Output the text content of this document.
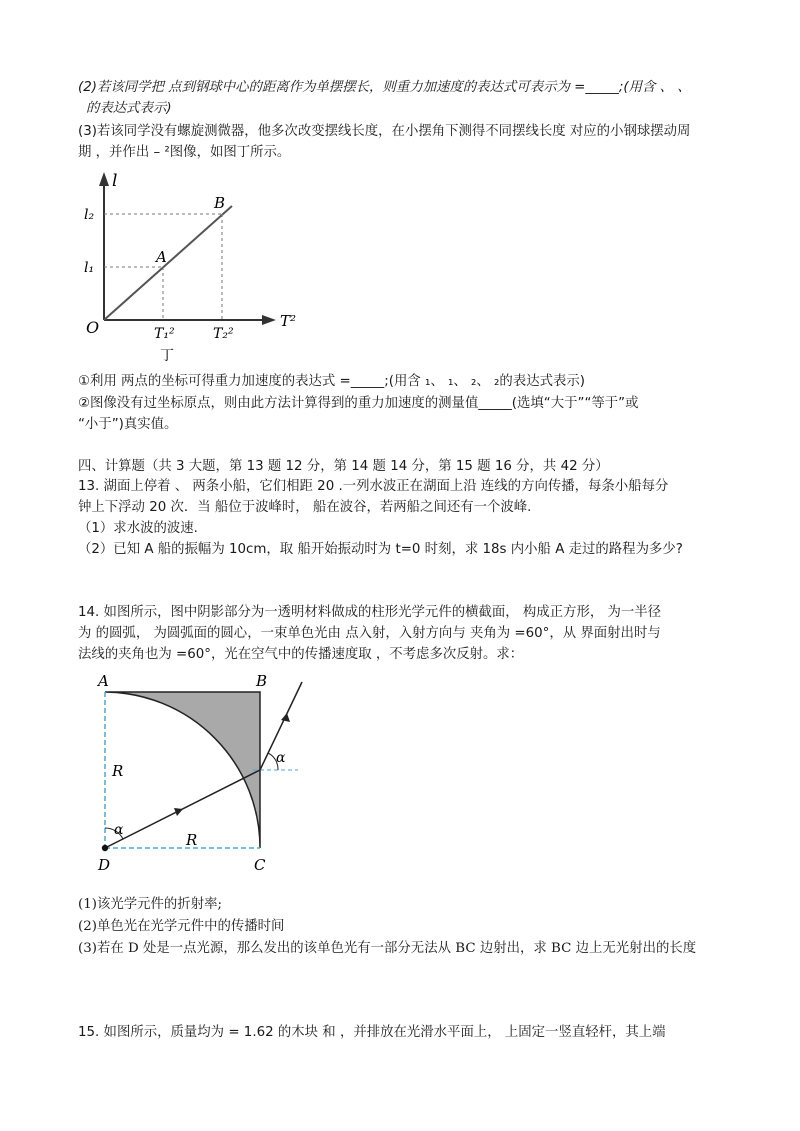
(2)若该同学把 点到钢球中心的距离作为单摆摆长，则重力加速度的表达式可表示为 =_____;(用含 、 、
的表达式表示)
(3)若该同学没有螺旋测微器，他多次改变摆线长度，在小摆角下测得不同摆线长度 对应的小钢球摆动周
期 ，并作出 – ²图像，如图丁所示。
l
T²
O
A
B
l₁
l₂
T₁²	T₂²
丁
①利用 两点的坐标可得重力加速度的表达式 =_____;(用含 ₁、 ₁、 ₂、 ₂的表达式表示)
②图像没有过坐标原点，则由此方法计算得到的重力加速度的测量值_____(选填“大于”“等于”或
“小于”)真实值。
四、计算题（共 3 大题，第 13 题 12 分，第 14 题 14 分，第 15 题 16 分，共 42 分）
13. 湖面上停着 、 两条小船，它们相距 20 .一列水波正在湖面上沿 连线的方向传播，每条小船每分
钟上下浮动 20 次．当 船位于波峰时， 船在波谷，若两船之间还有一个波峰.
（1）求水波的波速.
（2）已知 A 船的振幅为 10cm，取 船开始振动时为 t=0 时刻，求 18s 内小船 A 走过的路程为多少?
14. 如图所示，图中阴影部分为一透明材料做成的柱形光学元件的横截面， 构成正方形， 为一半径
为 的圆弧， 为圆弧面的圆心，一束单色光由 点入射，入射方向与 夹角为 =60°，从 界面射出时与
法线的夹角也为 =60°，光在空气中的传播速度取 ，不考虑多次反射。求：
A	B
C
D
R
R
α
α
(1)该光学元件的折射率;
(2)单色光在光学元件中的传播时间
(3)若在 D 处是一点光源，那么发出的该单色光有一部分无法从 BC 边射出，求 BC 边上无光射出的长度
15. 如图所示，质量均为 = 1.62 的木块 和 ，并排放在光滑水平面上， 上固定一竖直轻杆，其上端
